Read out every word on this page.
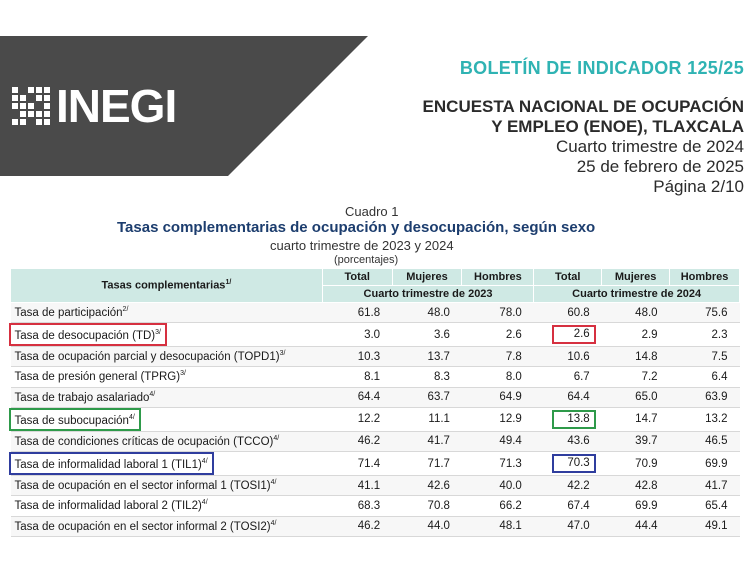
INEGI
BOLETÍN DE INDICADOR 125/25
ENCUESTA NACIONAL DE OCUPACIÓN
Y EMPLEO (ENOE), TLAXCALA
Cuarto trimestre de 2024
25 de febrero de 2025
Página 2/10
Cuadro 1
Tasas complementarias de ocupación y desocupación, según sexo
cuarto trimestre de 2023 y 2024
(porcentajes)
Tasas complementarias$^{1/}$	Total	Mujeres	Hombres	Total	Mujeres	Hombres
	Cuarto trimestre de 2023			Cuarto trimestre de 2024		
Tasa de participación$^{2/}$	61.8	48.0	78.0	60.8	48.0	75.6
Tasa de desocupación (TD)$^{3/}$	3.0	3.6	2.6	2.6	2.9	2.3
Tasa de ocupación parcial y desocupación (TOPD1)$^{3/}$	10.3	13.7	7.8	10.6	14.8	7.5
Tasa de presión general (TPRG)$^{3/}$	8.1	8.3	8.0	6.7	7.2	6.4
Tasa de trabajo asalariado$^{4/}$	64.4	63.7	64.9	64.4	65.0	63.9
Tasa de subocupación$^{4/}$	12.2	11.1	12.9	13.8	14.7	13.2
Tasa de condiciones críticas de ocupación (TCCO)$^{4/}$	46.2	41.7	49.4	43.6	39.7	46.5
Tasa de informalidad laboral 1 $(TIL1)^{4/}$	71.4	71.7	71.3	70.3	70.9	69.9
Tasa de ocupación en el sector informal 1 (TOSI1)$^{4/}$	41.1	42.6	40.0	42.2	42.8	41.7
Tasa de informalidad laboral 2 $(TIL2)^{4/}$	68.3	70.8	66.2	67.4	69.9	65.4
Tasa de ocupación en el sector informal 2 (TOSI2)$^{4/}$	46.2	44.0	48.1	47.0	44.4	49.1
